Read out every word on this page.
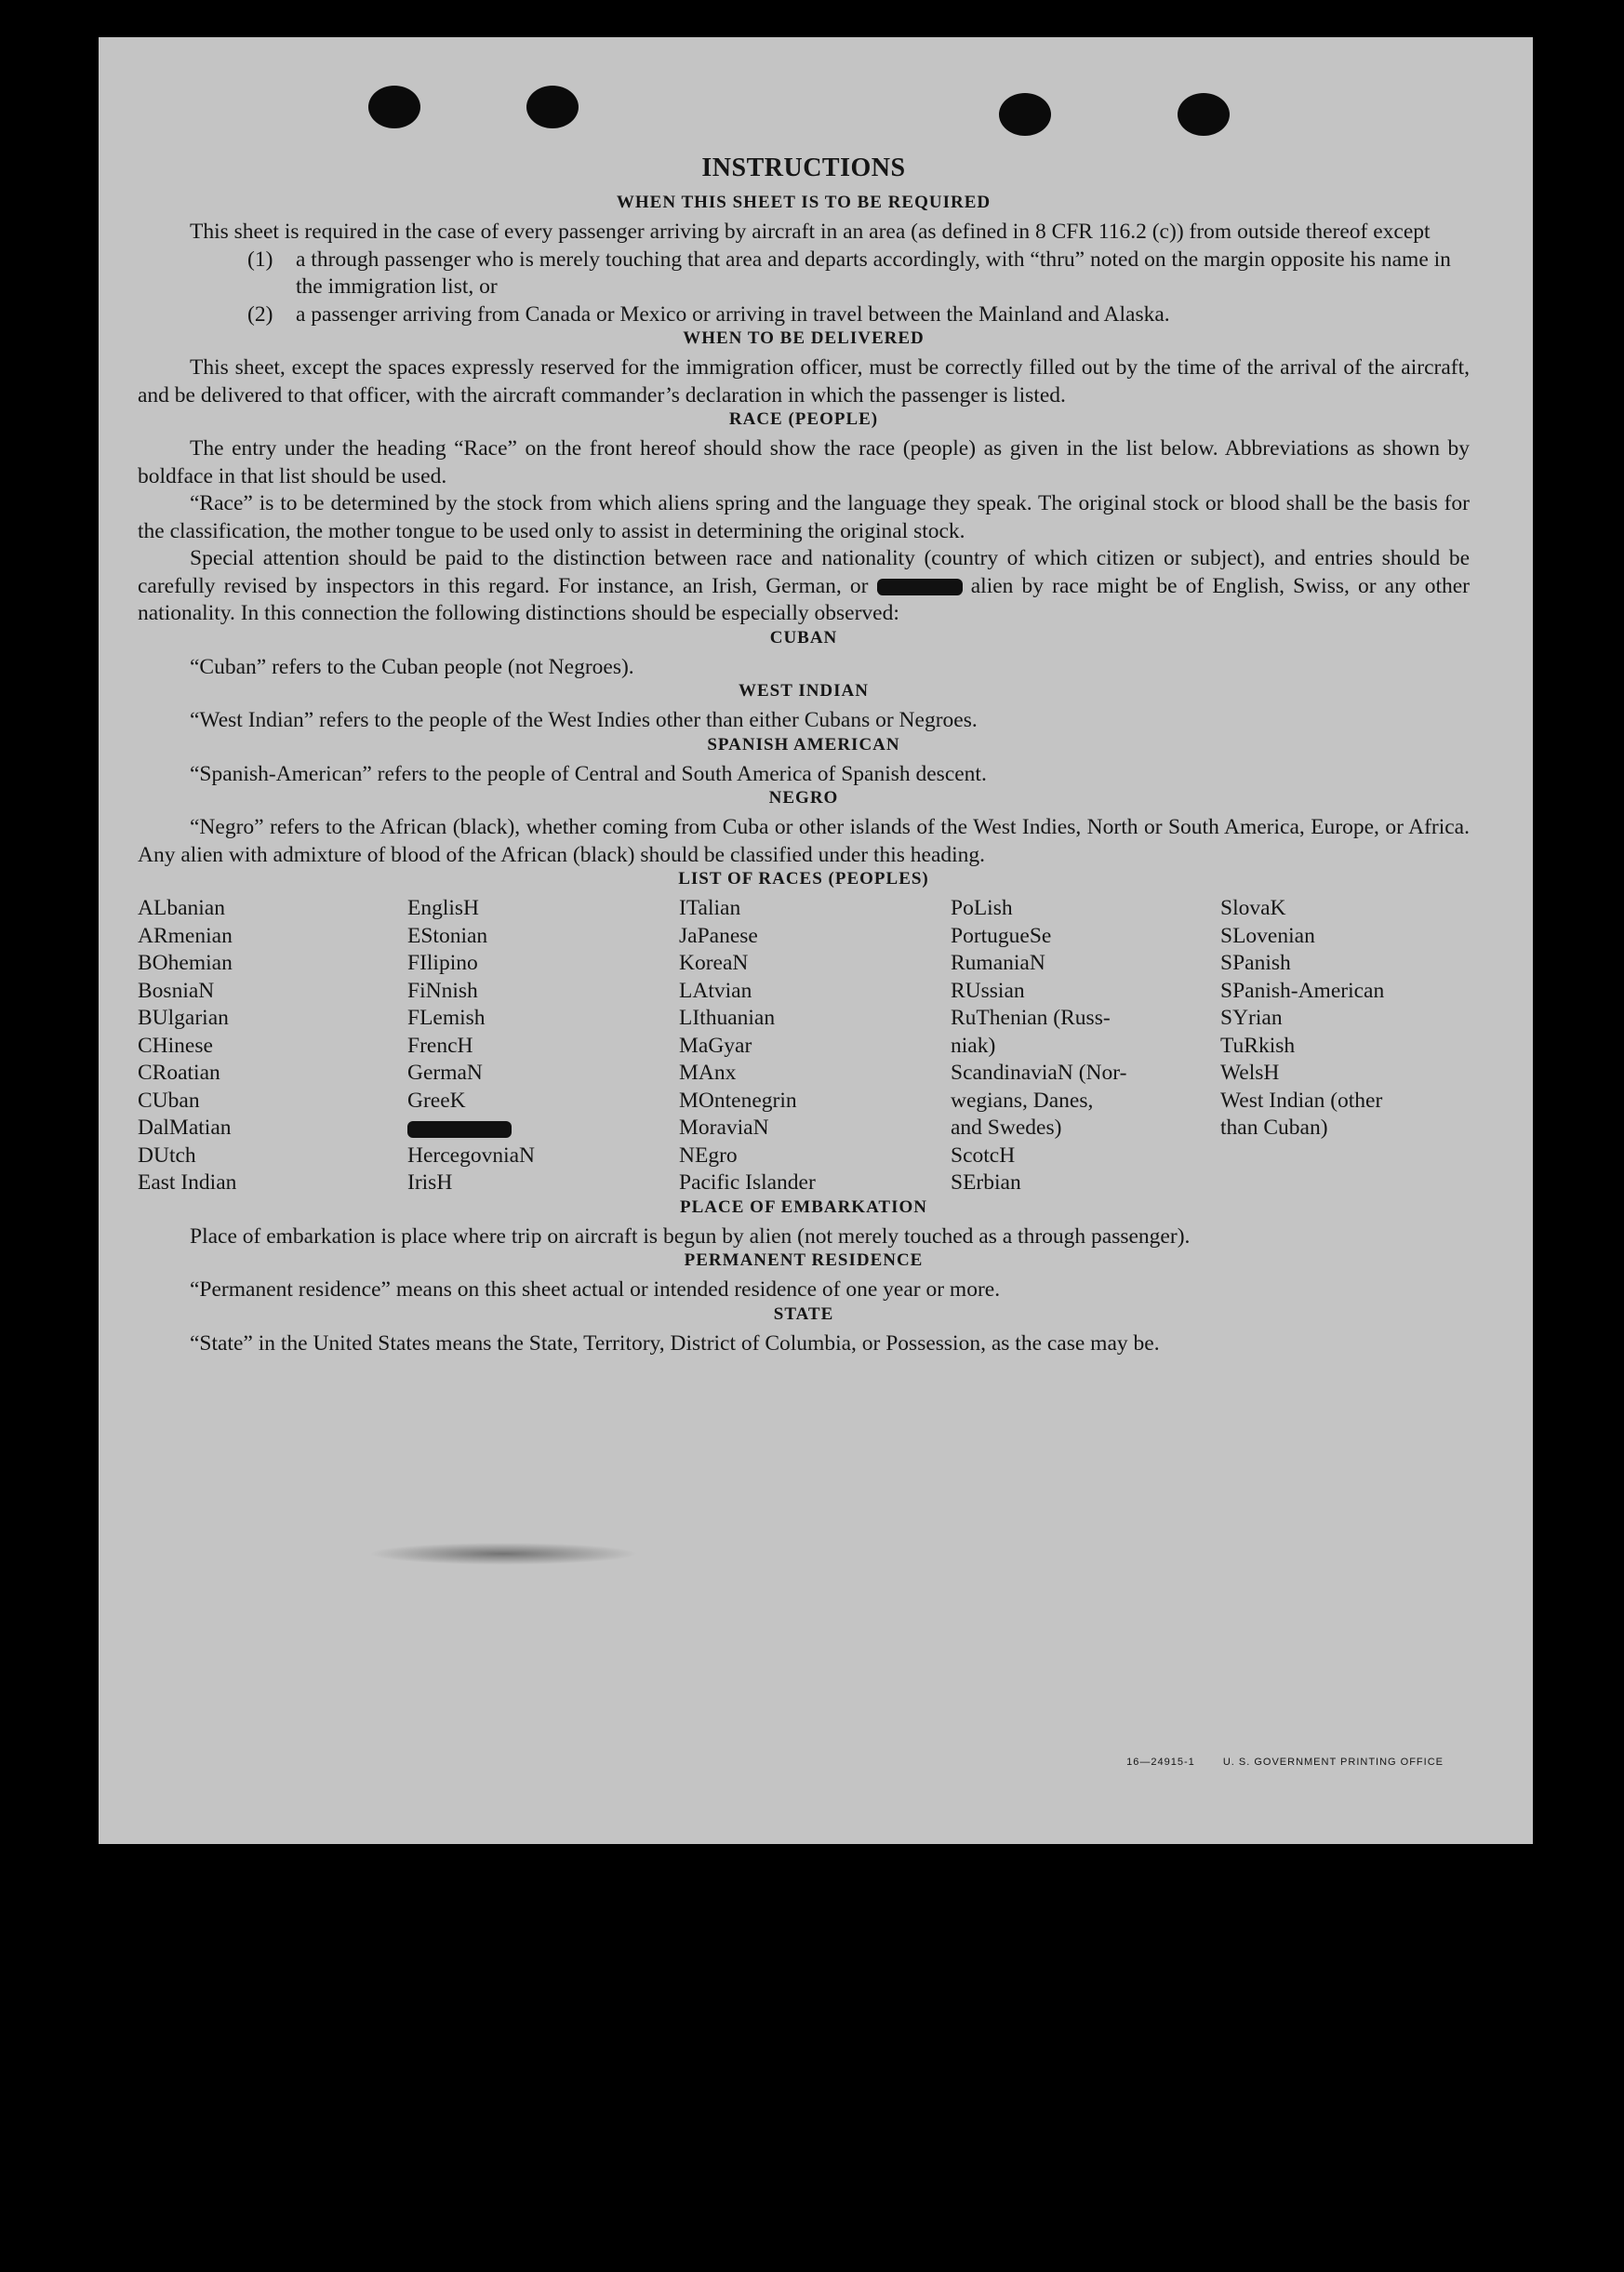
INSTRUCTIONS
WHEN THIS SHEET IS TO BE REQUIRED

This sheet is required in the case of every passenger arriving by aircraft in an area (as defined in 8 CFR 116.2 (c)) from outside thereof except

(1)	a through passenger who is merely touching that area and departs accordingly, with “thru” noted on the margin opposite his name in the immigration list, or
(2)	a passenger arriving from Canada or Mexico or arriving in travel between the Mainland and Alaska.
WHEN TO BE DELIVERED

This sheet, except the spaces expressly reserved for the immigration officer, must be correctly filled out by the time of the arrival of the aircraft, and be delivered to that officer, with the aircraft commander’s declaration in which the passenger is listed.

RACE (PEOPLE)

The entry under the heading “Race” on the front hereof should show the race (people) as given in the list below. Abbreviations as shown by boldface in that list should be used.

“Race” is to be determined by the stock from which aliens spring and the language they speak. The original stock or blood shall be the basis for the classification, the mother tongue to be used only to assist in determining the original stock.

Special attention should be paid to the distinction between race and nationality (country of which citizen or subject), and entries should be carefully revised by inspectors in this regard. For instance, an Irish, German, or	alien by race might be of English, Swiss, or any other nationality. In this connection the following distinctions should be especially observed:

CUBAN

“Cuban” refers to the Cuban people (not Negroes).

WEST INDIAN

“West Indian” refers to the people of the West Indies other than either Cubans or Negroes.

SPANISH AMERICAN

“Spanish-American” refers to the people of Central and South America of Spanish descent.

NEGRO

“Negro” refers to the African (black), whether coming from Cuba or other islands of the West Indies, North or South America, Europe, or Africa. Any alien with admixture of blood of the African (black) should be classified under this heading.

LIST OF RACES (PEOPLES)
ALbanian
ARmenian
BOhemian
BosniaN
BUlgarian
CHinese
CRoatian
CUban
DalMatian
DUtch
East Indian
EnglisH
EStonian
FIlipino
FiNnish
FLemish
FrencH
GermaN
GreeK
HercegovniaN
IrisH
ITalian
JaPanese
KoreaN
LAtvian
LIthuanian
MaGyar
MAnx
MOntenegrin
MoraviaN
NEgro
Pacific Islander
PoLish
PortugueSe
RumaniaN
RUssian
RuThenian (Russ-
niak)
ScandinaviaN (Nor-
wegians, Danes,
and Swedes)
ScotcH
SErbian
SlovaK
SLovenian
SPanish
SPanish-American
SYrian
TuRkish
WelsH
West Indian (other
than Cuban)
PLACE OF EMBARKATION

Place of embarkation is place where trip on aircraft is begun by alien (not merely touched as a through passenger).

PERMANENT RESIDENCE

“Permanent residence” means on this sheet actual or intended residence of one year or more.

STATE

“State” in the United States means the State, Territory, District of Columbia, or Possession, as the case may be.

16—24915-1	U. S. GOVERNMENT PRINTING OFFICE
